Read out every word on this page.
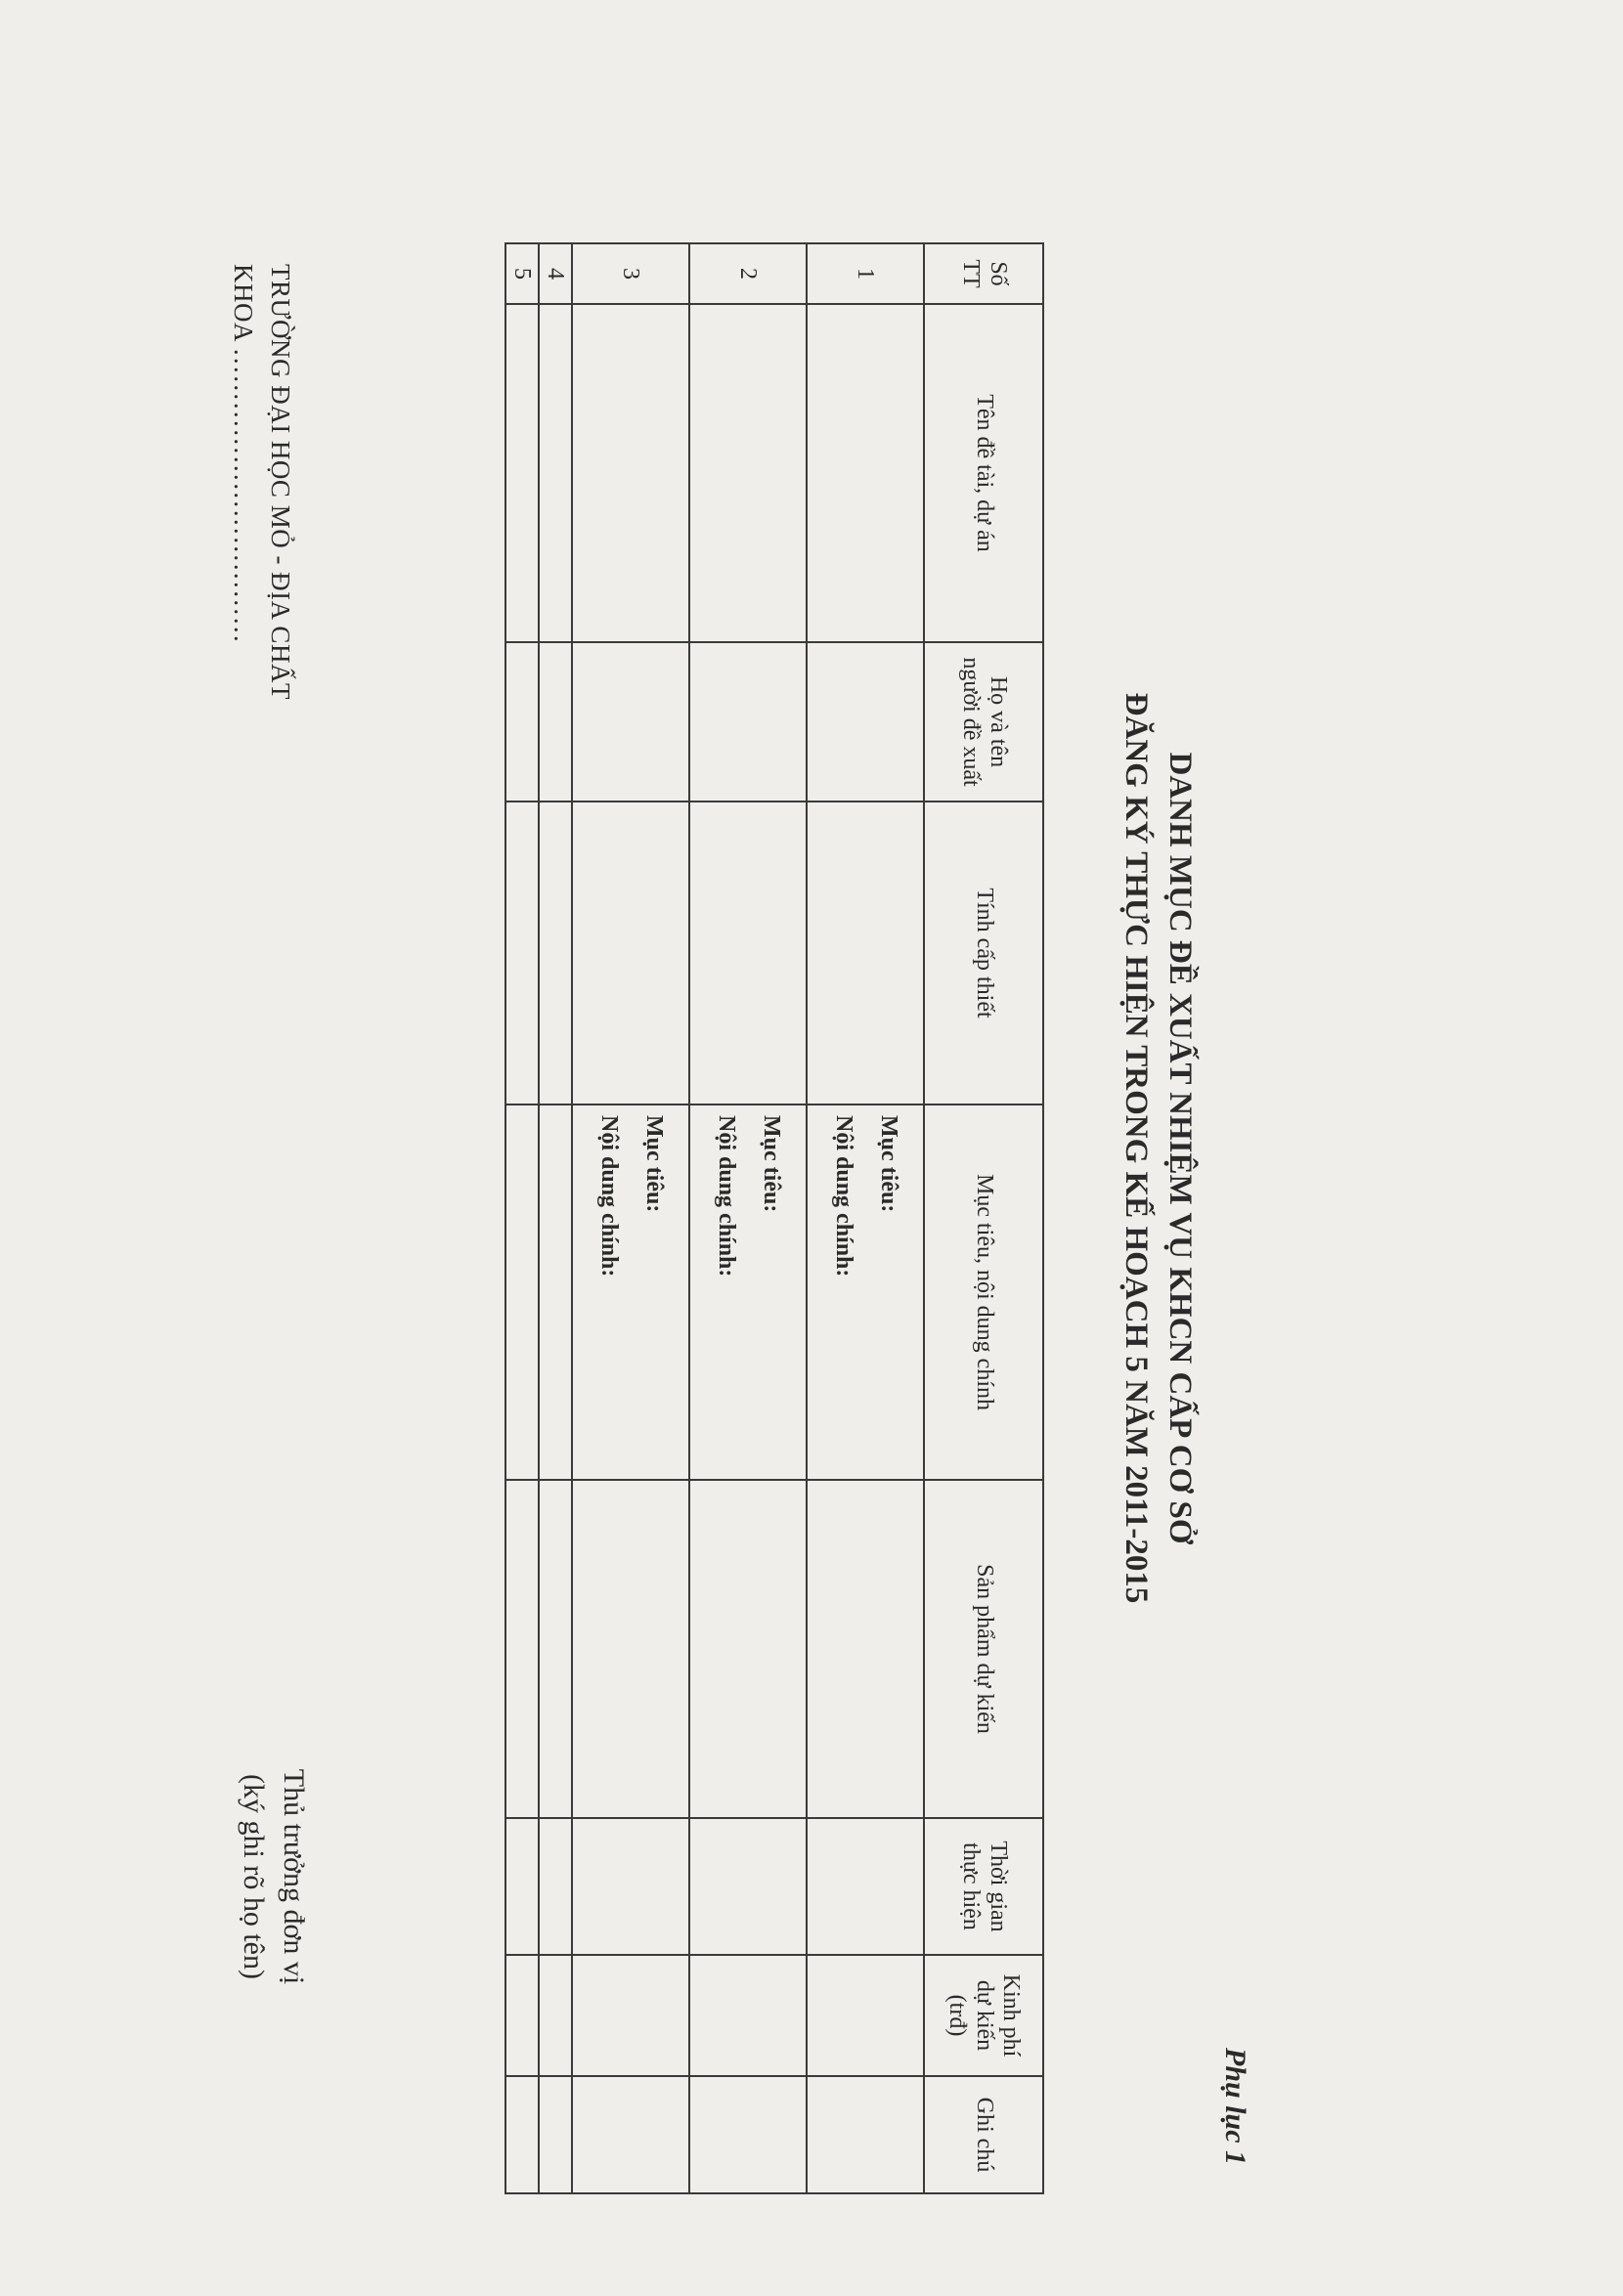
TRƯỜNG ĐẠI HỌC MỎ - ĐỊA CHẤT
KHOA ……………………………
Phụ lục 1
DANH MỤC ĐỀ XUẤT NHIỆM VỤ KHCN CẤP CƠ SỞ
ĐĂNG KÝ THỰC HIỆN TRONG KẾ HOẠCH 5 NĂM 2011-2015
Số TT	Tên đề tài, dự án	Họ và tên người đề xuất	Tính cấp thiết	Mục tiêu, nội dung chính	Sản phẩm dự kiến	Thời gian thực hiện	Kinh phí dự kiến (trđ)	Ghi chú
1				Mục tiêu:
Nội dung chính:				

2				Mục tiêu:
Nội dung chính:				

3				Mục tiêu:
Nội dung chính:				

4								
5								
Thủ trưởng đơn vị
(ký ghi rõ họ tên)
